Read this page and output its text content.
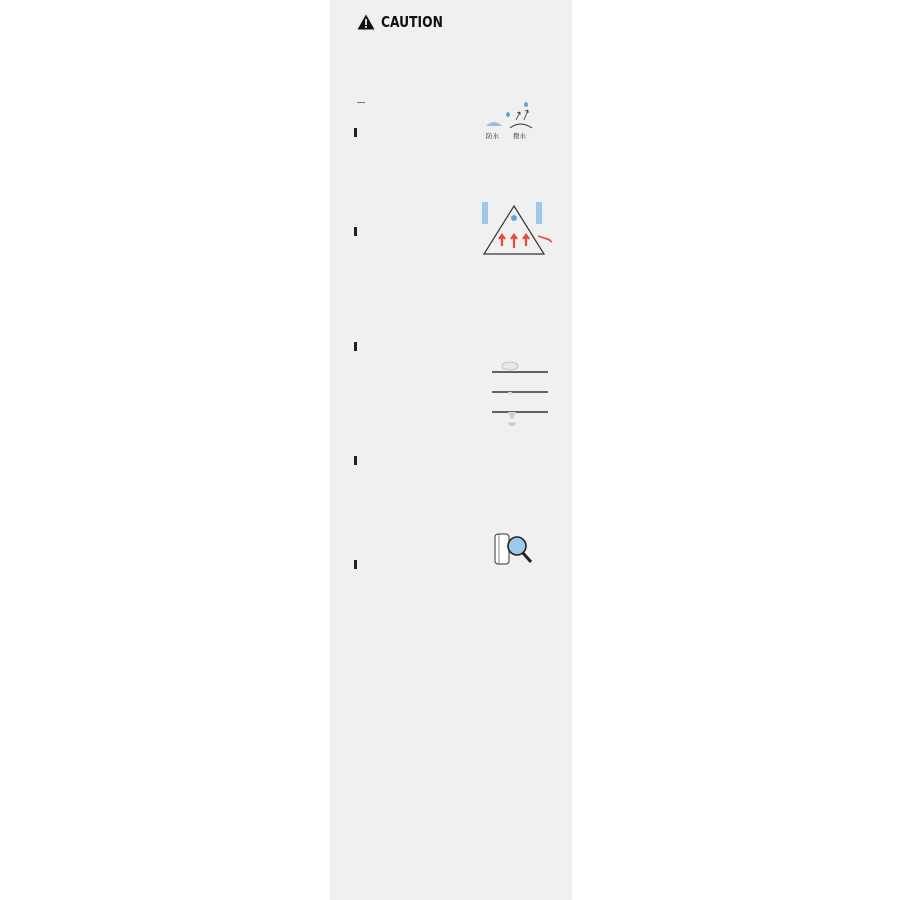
CAUTION

防水 撥水
